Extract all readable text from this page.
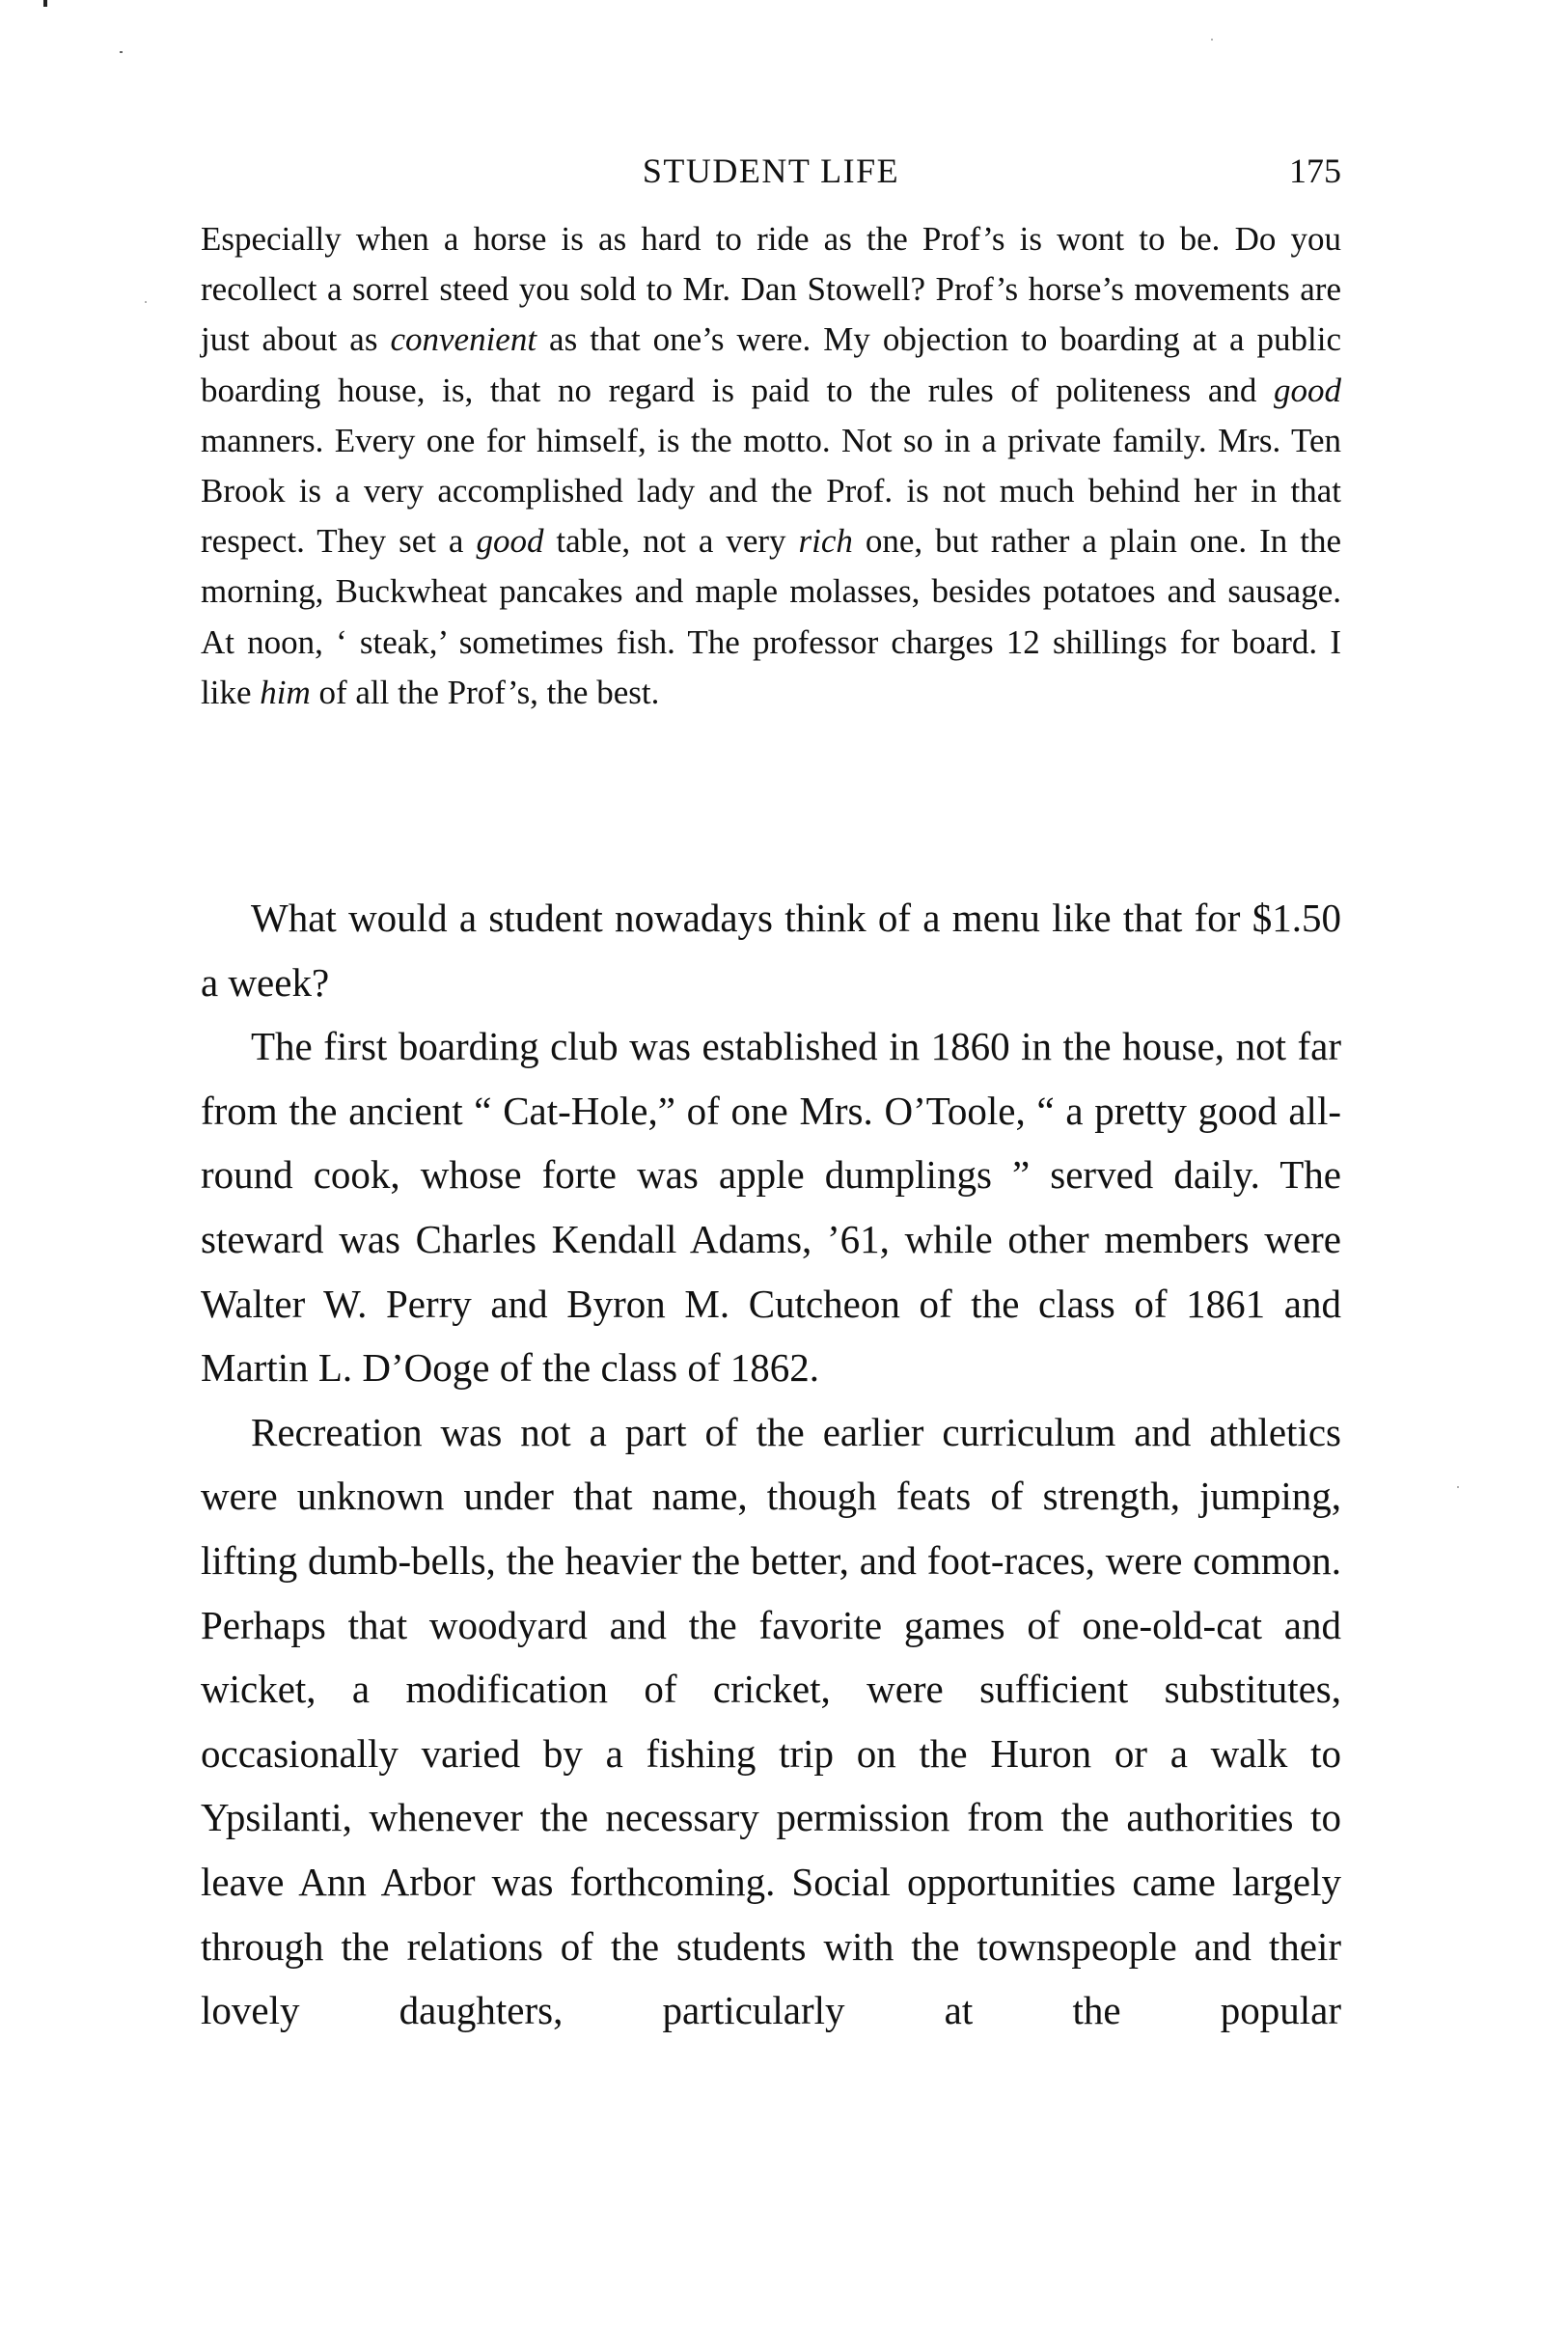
STUDENT LIFE	175

Especially when a horse is as hard to ride as the Prof’s is wont to be. Do you recollect a sorrel steed you sold to Mr. Dan Stowell? Prof’s horse’s movements are just about as convenient as that one’s were. My objection to boarding at a public boarding house, is, that no regard is paid to the rules of politeness and good manners. Every one for himself, is the motto. Not so in a private family. Mrs. Ten Brook is a very accomplished lady and the Prof. is not much behind her in that respect. They set a good table, not a very rich one, but rather a plain one. In the morning, Buckwheat pancakes and maple molasses, besides potatoes and sausage. At noon, ‘ steak,’ sometimes fish. The professor charges 12 shillings for board. I like him of all the Prof’s, the best.

What would a student nowadays think of a menu like that for $1.50 a week?

The first boarding club was established in 1860 in the house, not far from the ancient “ Cat-Hole,” of one Mrs. O’Toole, “ a pretty good all-round cook, whose forte was apple dumplings ” served daily. The steward was Charles Kendall Adams, ’61, while other members were Walter W. Perry and Byron M. Cutcheon of the class of 1861 and Martin L. D’Ooge of the class of 1862.

Recreation was not a part of the earlier curriculum and athletics were unknown under that name, though feats of strength, jumping, lifting dumb-bells, the heavier the better, and foot-races, were common. Perhaps that woodyard and the favorite games of one-old-cat and wicket, a modification of cricket, were sufficient substitutes, occasionally varied by a fishing trip on the Huron or a walk to Ypsilanti, whenever the necessary permission from the authorities to leave Ann Arbor was forthcoming. Social opportunities came largely through the relations of the students with the townspeople and their lovely daughters, particularly at the popular
